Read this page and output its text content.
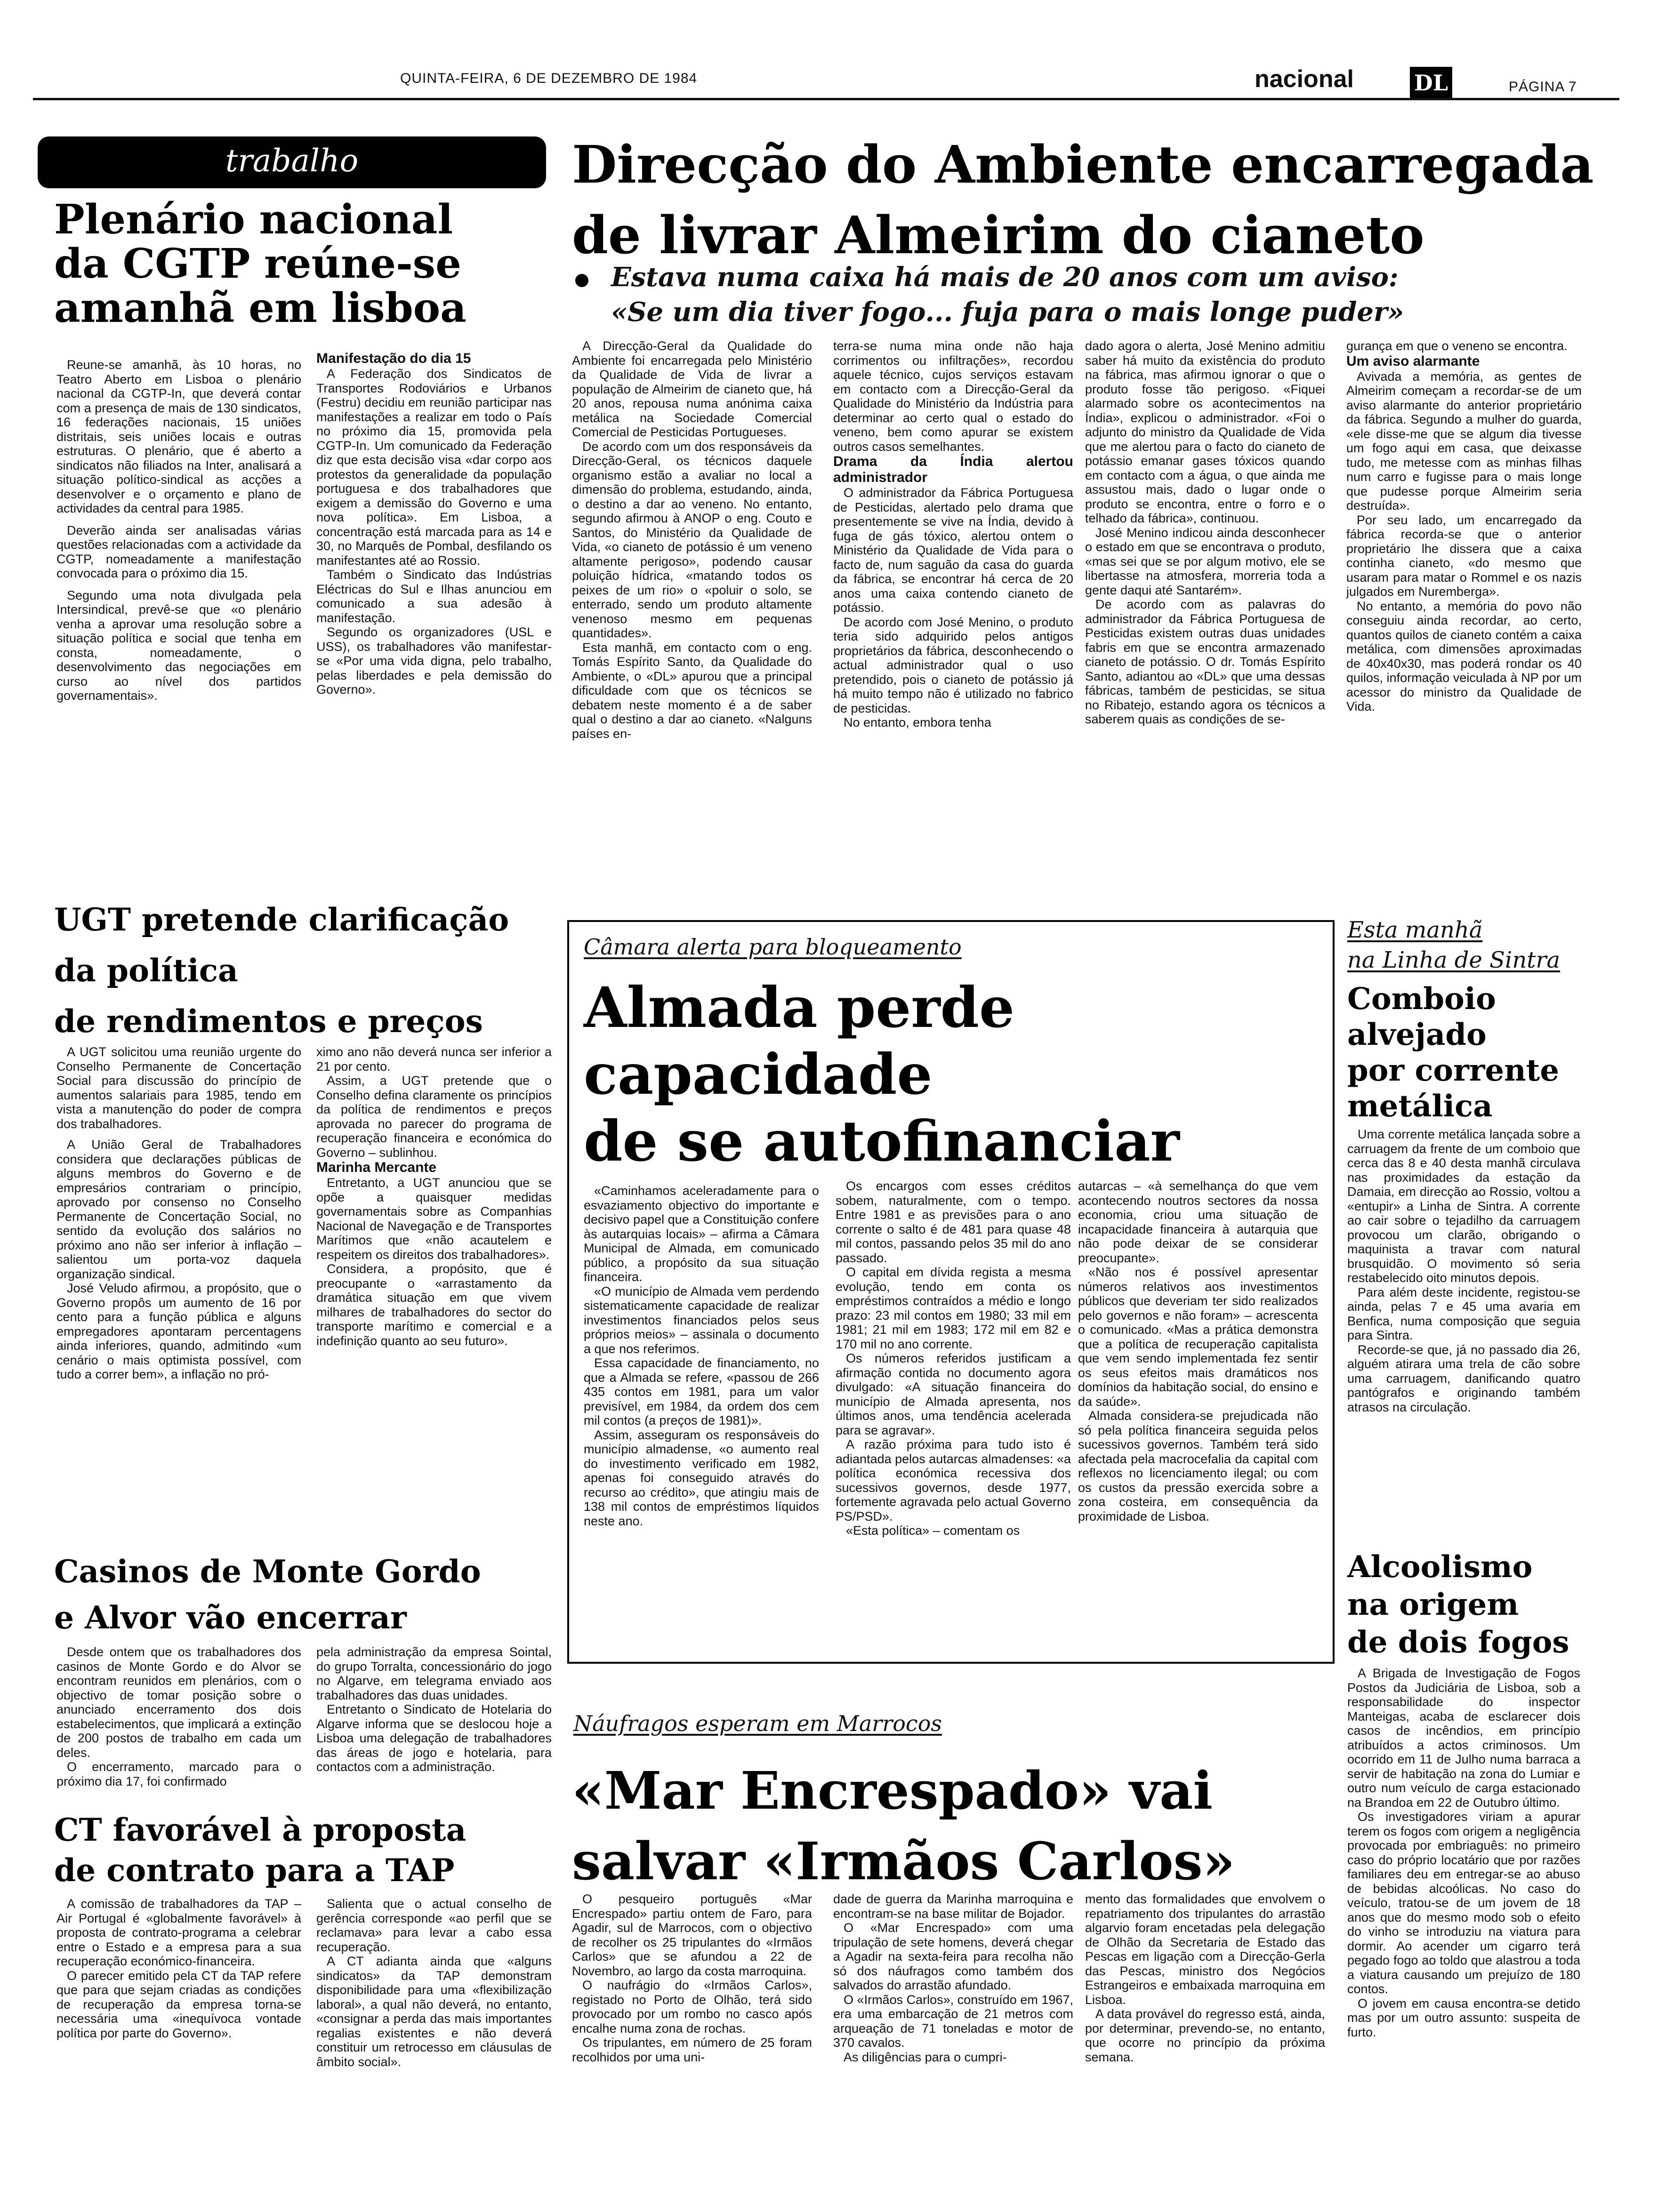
QUINTA-FEIRA, 6 DE DEZEMBRO DE 1984	nacional	DL	PÁGINA 7
trabalho
Plenário nacional
da CGTP reúne-se
amanhã em lisboa

Reune-se amanhã, às 10 horas, no Teatro Aberto em Lisboa o plenário nacional da CGTP-In, que deverá contar com a presença de mais de 130 sindicatos, 16 federações nacionais, 15 uniões distritais, seis uniões locais e outras estruturas. O plenário, que é aberto a sindicatos não filiados na Inter, analisará a situação político-sindical as acções a desenvolver e o orçamento e plano de actividades da central para 1985.

Deverão ainda ser analisadas várias questões relacionadas com a actividade da CGTP, nomeadamente a manifestação convocada para o próximo dia 15.

Segundo uma nota divulgada pela Intersindical, prevê-se que «o plenário venha a aprovar uma resolução sobre a situação política e social que tenha em consta, nomeadamente, o desenvolvimento das negociações em curso ao nível dos partidos governamentais».

Manifestação do dia 15

A Federação dos Sindicatos de Transportes Rodoviários e Urbanos (Festru) decidiu em reunião participar nas manifestações a realizar em todo o País no próximo dia 15, promovida pela CGTP-In. Um comunicado da Federação diz que esta decisão visa «dar corpo aos protestos da generalidade da população portuguesa e dos trabalhadores que exigem a demissão do Governo e uma nova política». Em Lisboa, a concentração está marcada para as 14 e 30, no Marquês de Pombal, desfilando os manifestantes até ao Rossio.

Também o Sindicato das Indústrias Eléctricas do Sul e Ilhas anunciou em comunicado a sua adesão à manifestação.

Segundo os organizadores (USL e USS), os trabalhadores vão manifestar-se «Por uma vida digna, pelo trabalho, pelas liberdades e pela demissão do Governo».

UGT pretende clarificação
da política
de rendimentos e preços

A UGT solicitou uma reunião urgente do Conselho Permanente de Concertação Social para discussão do princípio de aumentos salariais para 1985, tendo em vista a manutenção do poder de compra dos trabalhadores.

A União Geral de Trabalhadores considera que declarações públicas de alguns membros do Governo e de empresários contrariam o princípio, aprovado por consenso no Conselho Permanente de Concertação Social, no sentido da evolução dos salários no próximo ano não ser inferior à inflação – salientou um porta-voz daquela organização sindical.

José Veludo afirmou, a propósito, que o Governo propôs um aumento de 16 por cento para a função pública e alguns empregadores apontaram percentagens ainda inferiores, quando, admitindo «um cenário o mais optimista possível, com tudo a correr bem», a inflação no pró-

ximo ano não deverá nunca ser inferior a 21 por cento.

Assim, a UGT pretende que o Conselho defina claramente os princípios da política de rendimentos e preços aprovada no parecer do programa de recuperação financeira e económica do Governo – sublinhou.

Marinha Mercante

Entretanto, a UGT anunciou que se opõe a quaisquer medidas governamentais sobre as Companhias Nacional de Navegação e de Transportes Marítimos que «não acautelem e respeitem os direitos dos trabalhadores».

Considera, a propósito, que é preocupante o «arrastamento da dramática situação em que vivem milhares de trabalhadores do sector do transporte marítimo e comercial e a indefinição quanto ao seu futuro».

Casinos de Monte Gordo
e Alvor vão encerrar

Desde ontem que os trabalhadores dos casinos de Monte Gordo e do Alvor se encontram reunidos em plenários, com o objectivo de tomar posição sobre o anunciado encerramento dos dois estabelecimentos, que implicará a extinção de 200 postos de trabalho em cada um deles.

O encerramento, marcado para o próximo dia 17, foi confirmado

pela administração da empresa Sointal, do grupo Torralta, concessionário do jogo no Algarve, em telegrama enviado aos trabalhadores das duas unidades.

Entretanto o Sindicato de Hotelaria do Algarve informa que se deslocou hoje a Lisboa uma delegação de trabalhadores das áreas de jogo e hotelaria, para contactos com a administração.

CT favorável à proposta
de contrato para a TAP

A comissão de trabalhadores da TAP – Air Portugal é «globalmente favorável» à proposta de contrato-programa a celebrar entre o Estado e a empresa para a sua recuperação económico-financeira.

O parecer emitido pela CT da TAP refere que para que sejam criadas as condições de recuperação da empresa torna-se necessária uma «inequívoca vontade política por parte do Governo».

Salienta que o actual conselho de gerência corresponde «ao perfil que se reclamava» para levar a cabo essa recuperação.

A CT adianta ainda que «alguns sindicatos» da TAP demonstram disponibilidade para uma «flexibilização laboral», a qual não deverá, no entanto, «consignar a perda das mais importantes regalias existentes e não deverá constituir um retrocesso em cláusulas de âmbito social».

Direcção do Ambiente encarregada
de livrar Almeirim do cianeto
Estava numa caixa há mais de 20 anos com um aviso:
«Se um dia tiver fogo... fuja para o mais longe puder»

A Direcção-Geral da Qualidade do Ambiente foi encarregada pelo Ministério da Qualidade de Vida de livrar a população de Almeirim de cianeto que, há 20 anos, repousa numa anónima caixa metálica na Sociedade Comercial Comercial de Pesticidas Portugueses.

De acordo com um dos responsáveis da Direcção-Geral, os técnicos daquele organismo estão a avaliar no local a dimensão do problema, estudando, ainda, o destino a dar ao veneno. No entanto, segundo afirmou à ANOP o eng. Couto e Santos, do Ministério da Qualidade de Vida, «o cianeto de potássio é um veneno altamente perigoso», podendo causar poluição hídrica, «matando todos os peixes de um rio» o «poluir o solo, se enterrado, sendo um produto altamente venenoso mesmo em pequenas quantidades».

Esta manhã, em contacto com o eng. Tomás Espírito Santo, da Qualidade do Ambiente, o «DL» apurou que a principal dificuldade com que os técnicos se debatem neste momento é a de saber qual o destino a dar ao cianeto. «Nalguns países en-

terra-se numa mina onde não haja corrimentos ou infiltrações», recordou aquele técnico, cujos serviços estavam em contacto com a Direcção-Geral da Qualidade do Ministério da Indústria para determinar ao certo qual o estado do veneno, bem como apurar se existem outros casos semelhantes.

Drama da Índia alertou administrador

O administrador da Fábrica Portuguesa de Pesticidas, alertado pelo drama que presentemente se vive na Índia, devido à fuga de gás tóxico, alertou ontem o Ministério da Qualidade de Vida para o facto de, num saguão da casa do guarda da fábrica, se encontrar há cerca de 20 anos uma caixa contendo cianeto de potássio.

De acordo com José Menino, o produto teria sido adquirido pelos antigos proprietários da fábrica, desconhecendo o actual administrador qual o uso pretendido, pois o cianeto de potássio já há muito tempo não é utilizado no fabrico de pesticidas.

No entanto, embora tenha

dado agora o alerta, José Menino admitiu saber há muito da existência do produto na fábrica, mas afirmou ignorar o que o produto fosse tão perigoso. «Fiquei alarmado sobre os acontecimentos na Índia», explicou o administrador. «Foi o adjunto do ministro da Qualidade de Vida que me alertou para o facto do cianeto de potássio emanar gases tóxicos quando em contacto com a água, o que ainda me assustou mais, dado o lugar onde o produto se encontra, entre o forro e o telhado da fábrica», continuou.

José Menino indicou ainda desconhecer o estado em que se encontrava o produto, «mas sei que se por algum motivo, ele se libertasse na atmosfera, morreria toda a gente daqui até Santarém».

De acordo com as palavras do administrador da Fábrica Portuguesa de Pesticidas existem outras duas unidades fabris em que se encontra armazenado cianeto de potássio. O dr. Tomás Espírito Santo, adiantou ao «DL» que uma dessas fábricas, também de pesticidas, se situa no Ribatejo, estando agora os técnicos a saberem quais as condições de se-

gurança em que o veneno se encontra.

Um aviso alarmante

Avivada a memória, as gentes de Almeirim começam a recordar-se de um aviso alarmante do anterior proprietário da fábrica. Segundo a mulher do guarda, «ele disse-me que se algum dia tivesse um fogo aqui em casa, que deixasse tudo, me metesse com as minhas filhas num carro e fugisse para o mais longe que pudesse porque Almeirim seria destruída».

Por seu lado, um encarregado da fábrica recorda-se que o anterior proprietário lhe dissera que a caixa continha cianeto, «do mesmo que usaram para matar o Rommel e os nazis julgados em Nuremberga».

No entanto, a memória do povo não conseguiu ainda recordar, ao certo, quantos quilos de cianeto contém a caixa metálica, com dimensões aproximadas de 40x40x30, mas poderá rondar os 40 quilos, informação veiculada à NP por um acessor do ministro da Qualidade de Vida.

Câmara alerta para bloqueamento
Almada perde
capacidade
de se autofinanciar

«Caminhamos aceleradamente para o esvaziamento objectivo do importante e decisivo papel que a Constituição confere às autarquias locais» – afirma a Câmara Municipal de Almada, em comunicado público, a propósito da sua situação financeira.

«O município de Almada vem perdendo sistematicamente capacidade de realizar investimentos financiados pelos seus próprios meios» – assinala o documento a que nos referimos.

Essa capacidade de financiamento, no que a Almada se refere, «passou de 266 435 contos em 1981, para um valor previsível, em 1984, da ordem dos cem mil contos (a preços de 1981)».

Assim, asseguram os responsáveis do município almadense, «o aumento real do investimento verificado em 1982, apenas foi conseguido através do recurso ao crédito», que atingiu mais de 138 mil contos de empréstimos líquidos neste ano.

Os encargos com esses créditos sobem, naturalmente, com o tempo. Entre 1981 e as previsões para o ano corrente o salto é de 481 para quase 48 mil contos, passando pelos 35 mil do ano passado.

O capital em dívida regista a mesma evolução, tendo em conta os empréstimos contraídos a médio e longo prazo: 23 mil contos em 1980; 33 mil em 1981; 21 mil em 1983; 172 mil em 82 e 170 mil no ano corrente.

Os números referidos justificam a afirmação contida no documento agora divulgado: «A situação financeira do município de Almada apresenta, nos últimos anos, uma tendência acelerada para se agravar».

A razão próxima para tudo isto é adiantada pelos autarcas almadenses: «a política económica recessiva dos sucessivos governos, desde 1977, fortemente agravada pelo actual Governo PS/PSD».

«Esta política» – comentam os

autarcas – «à semelhança do que vem acontecendo noutros sectores da nossa economia, criou uma situação de incapacidade financeira à autarquia que não pode deixar de se considerar preocupante».

«Não nos é possível apresentar números relativos aos investimentos públicos que deveriam ter sido realizados pelo governos e não foram» – acrescenta o comunicado. «Mas a prática demonstra que a política de recuperação capitalista que vem sendo implementada fez sentir os seus efeitos mais dramáticos nos domínios da habitação social, do ensino e da saúde».

Almada considera-se prejudicada não só pela política financeira seguida pelos sucessivos governos. Também terá sido afectada pela macrocefalia da capital com reflexos no licenciamento ilegal; ou com os custos da pressão exercida sobre a zona costeira, em consequência da proximidade de Lisboa.

Náufragos esperam em Marrocos
«Mar Encrespado» vai
salvar «Irmãos Carlos»

O pesqueiro português «Mar Encrespado» partiu ontem de Faro, para Agadir, sul de Marrocos, com o objectivo de recolher os 25 tripulantes do «Irmãos Carlos» que se afundou a 22 de Novembro, ao largo da costa marroquina.

O naufrágio do «Irmãos Carlos», registado no Porto de Olhão, terá sido provocado por um rombo no casco após encalhe numa zona de rochas.

Os tripulantes, em número de 25 foram recolhidos por uma uni-

dade de guerra da Marinha marroquina e encontram-se na base militar de Bojador.

O «Mar Encrespado» com uma tripulação de sete homens, deverá chegar a Agadir na sexta-feira para recolha não só dos náufragos como também dos salvados do arrastão afundado.

O «Irmãos Carlos», construído em 1967, era uma embarcação de 21 metros com arqueação de 71 toneladas e motor de 370 cavalos.

As diligências para o cumpri-

mento das formalidades que envolvem o repatriamento dos tripulantes do arrastão algarvio foram encetadas pela delegação de Olhão da Secretaria de Estado das Pescas em ligação com a Direcção-Gerla das Pescas, ministro dos Negócios Estrangeiros e embaixada marroquina em Lisboa.

A data provável do regresso está, ainda, por determinar, prevendo-se, no entanto, que ocorre no princípio da próxima semana.

Esta manhã
na Linha de Sintra
Comboio
alvejado
por corrente
metálica

Uma corrente metálica lançada sobre a carruagem da frente de um comboio que cerca das 8 e 40 desta manhã circulava nas proximidades da estação da Damaia, em direcção ao Rossio, voltou a «entupir» a Linha de Sintra. A corrente ao cair sobre o tejadilho da carruagem provocou um clarão, obrigando o maquinista a travar com natural brusquidão. O movimento só seria restabelecido oito minutos depois.

Para além deste incidente, registou-se ainda, pelas 7 e 45 uma avaria em Benfica, numa composição que seguia para Sintra.

Recorde-se que, já no passado dia 26, alguém atirara uma trela de cão sobre uma carruagem, danificando quatro pantógrafos e originando também atrasos na circulação.

Alcoolismo
na origem
de dois fogos

A Brigada de Investigação de Fogos Postos da Judiciária de Lisboa, sob a responsabilidade do inspector Manteigas, acaba de esclarecer dois casos de incêndios, em princípio atribuídos a actos criminosos. Um ocorrido em 11 de Julho numa barraca a servir de habitação na zona do Lumiar e outro num veículo de carga estacionado na Brandoa em 22 de Outubro último.

Os investigadores viriam a apurar terem os fogos com origem a negligência provocada por embriaguês: no primeiro caso do próprio locatário que por razões familiares deu em entregar-se ao abuso de bebidas alcoólicas. No caso do veículo, tratou-se de um jovem de 18 anos que do mesmo modo sob o efeito do vinho se introduziu na viatura para dormir. Ao acender um cigarro terá pegado fogo ao toldo que alastrou a toda a viatura causando um prejuízo de 180 contos.

O jovem em causa encontra-se detido mas por um outro assunto: suspeita de furto.
